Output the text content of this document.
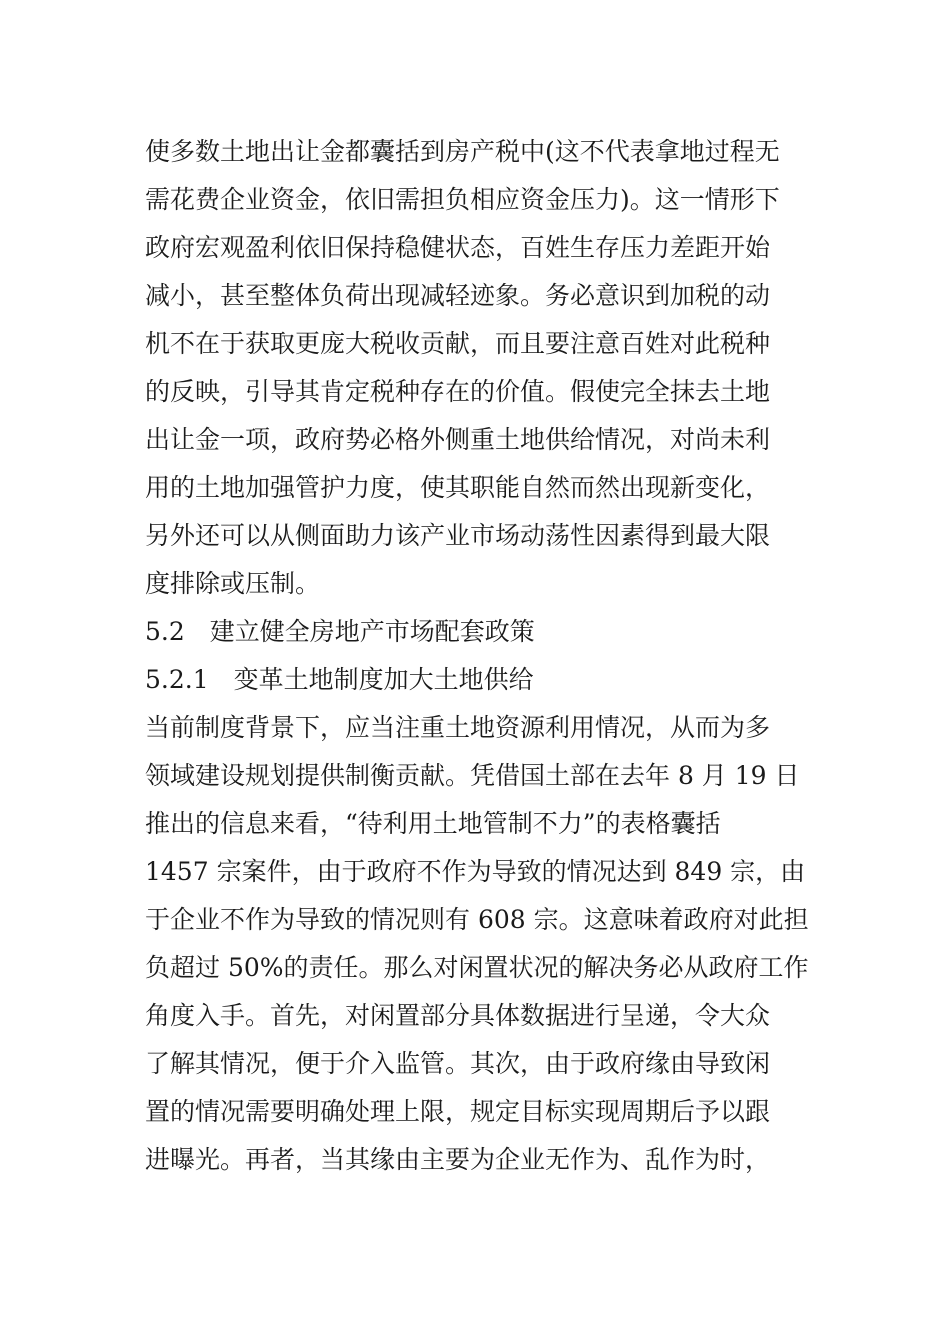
使多数土地出让金都囊括到房产税中(这不代表拿地过程无
需花费企业资金，依旧需担负相应资金压力)。这一情形下
政府宏观盈利依旧保持稳健状态，百姓生存压力差距开始
减小，甚至整体负荷出现减轻迹象。务必意识到加税的动
机不在于获取更庞大税收贡献，而且要注意百姓对此税种
的反映，引导其肯定税种存在的价值。假使完全抹去土地
出让金一项，政府势必格外侧重土地供给情况，对尚未利
用的土地加强管护力度，使其职能自然而然出现新变化，
另外还可以从侧面助力该产业市场动荡性因素得到最大限
度排除或压制。
5.2　建立健全房地产市场配套政策
5.2.1　变革土地制度加大土地供给
当前制度背景下，应当注重土地资源利用情况，从而为多
领域建设规划提供制衡贡献。凭借国土部在去年 8 月 19 日
推出的信息来看，“待利用土地管制不力”的表格囊括
1457 宗案件，由于政府不作为导致的情况达到 849 宗，由
于企业不作为导致的情况则有 608 宗。这意味着政府对此担
负超过 50%的责任。那么对闲置状况的解决务必从政府工作
角度入手。首先，对闲置部分具体数据进行呈递，令大众
了解其情况，便于介入监管。其次，由于政府缘由导致闲
置的情况需要明确处理上限，规定目标实现周期后予以跟
进曝光。再者，当其缘由主要为企业无作为、乱作为时，
